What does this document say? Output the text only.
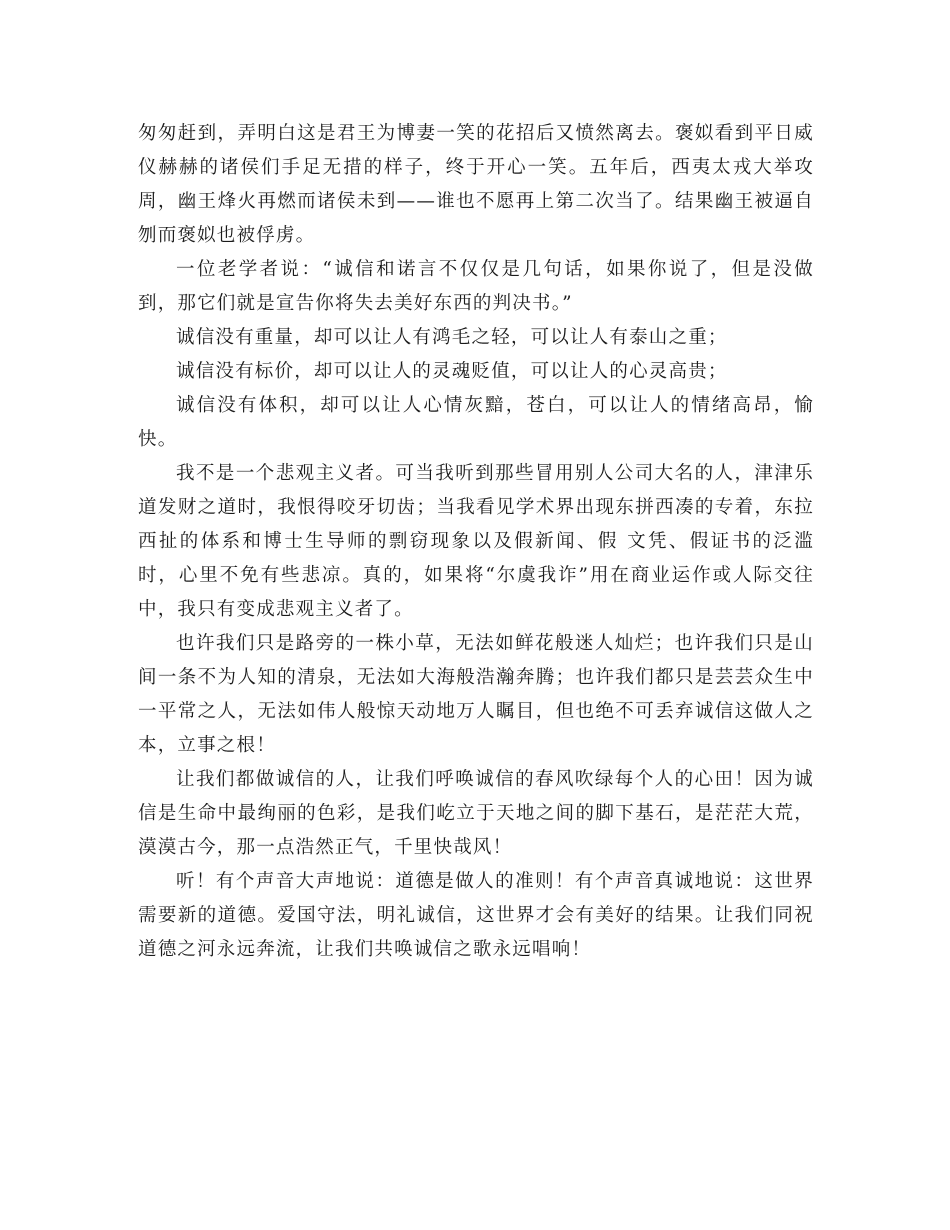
匆匆赶到，弄明白这是君王为博妻一笑的花招后又愤然离去。褒姒看到平日威仪赫赫的诸侯们手足无措的样子，终于开心一笑。五年后，西夷太戎大举攻周，幽王烽火再燃而诸侯未到——谁也不愿再上第二次当了。结果幽王被逼自刎而褒姒也被俘虏。

一位老学者说：“诚信和诺言不仅仅是几句话，如果你说了，但是没做到，那它们就是宣告你将失去美好东西的判决书。”

诚信没有重量，却可以让人有鸿毛之轻，可以让人有泰山之重；

诚信没有标价，却可以让人的灵魂贬值，可以让人的心灵高贵；

诚信没有体积，却可以让人心情灰黯，苍白，可以让人的情绪高昂，愉快。

我不是一个悲观主义者。可当我听到那些冒用别人公司大名的人，津津乐道发财之道时，我恨得咬牙切齿；当我看见学术界出现东拼西凑的专着，东拉西扯的体系和博士生导师的剽窃现象以及假新闻、假 文凭、假证书的泛滥时，心里不免有些悲凉。真的，如果将“尔虞我诈”用在商业运作或人际交往中，我只有变成悲观主义者了。

也许我们只是路旁的一株小草，无法如鲜花般迷人灿烂；也许我们只是山间一条不为人知的清泉，无法如大海般浩瀚奔腾；也许我们都只是芸芸众生中一平常之人，无法如伟人般惊天动地万人瞩目，但也绝不可丢弃诚信这做人之本，立事之根！

让我们都做诚信的人，让我们呼唤诚信的春风吹绿每个人的心田！因为诚信是生命中最绚丽的色彩，是我们屹立于天地之间的脚下基石，是茫茫大荒，漠漠古今，那一点浩然正气，千里快哉风！

听！有个声音大声地说：道德是做人的准则！有个声音真诚地说：这世界需要新的道德。爱国守法，明礼诚信，这世界才会有美好的结果。让我们同祝道德之河永远奔流，让我们共唤诚信之歌永远唱响！
